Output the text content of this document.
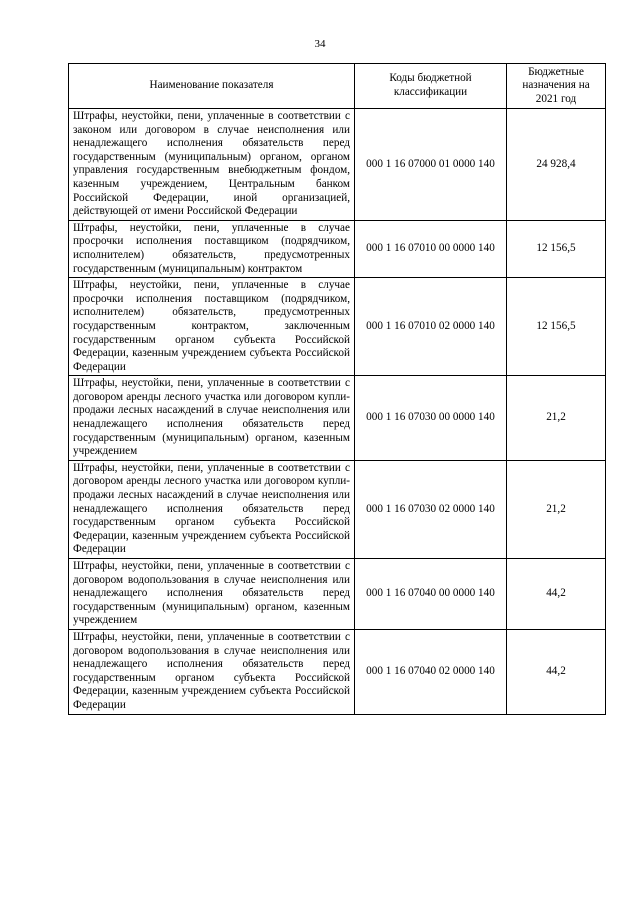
34
Наименование показателя	Коды бюджетной классификации	Бюджетные назначения на 2021 год
Штрафы, неустойки, пени, уплаченные в соответствии с законом или договором в случае неисполнения или ненадлежащего исполнения обязательств перед государственным (муниципальным) органом, органом управления государственным внебюджетным фондом, казенным учреждением, Центральным банком Российской Федерации, иной организацией, действующей от имени Российской Федерации	000 1 16 07000 01 0000 140	24 928,4
Штрафы, неустойки, пени, уплаченные в случае просрочки исполнения поставщиком (подрядчиком, исполнителем) обязательств, предусмотренных государственным (муниципальным) контрактом	000 1 16 07010 00 0000 140	12 156,5
Штрафы, неустойки, пени, уплаченные в случае просрочки исполнения поставщиком (подрядчиком, исполнителем) обязательств, предусмотренных государственным контрактом, заключенным государственным органом субъекта Российской Федерации, казенным учреждением субъекта Российской Федерации	000 1 16 07010 02 0000 140	12 156,5
Штрафы, неустойки, пени, уплаченные в соответствии с договором аренды лесного участка или договором купли-продажи лесных насаждений в случае неисполнения или ненадлежащего исполнения обязательств перед государственным (муниципальным) органом, казенным учреждением	000 1 16 07030 00 0000 140	21,2
Штрафы, неустойки, пени, уплаченные в соответствии с договором аренды лесного участка или договором купли-продажи лесных насаждений в случае неисполнения или ненадлежащего исполнения обязательств перед государственным органом субъекта Российской Федерации, казенным учреждением субъекта Российской Федерации	000 1 16 07030 02 0000 140	21,2
Штрафы, неустойки, пени, уплаченные в соответствии с договором водопользования в случае неисполнения или ненадлежащего исполнения обязательств перед государственным (муниципальным) органом, казенным учреждением	000 1 16 07040 00 0000 140	44,2
Штрафы, неустойки, пени, уплаченные в соответствии с договором водопользования в случае неисполнения или ненадлежащего исполнения обязательств перед государственным органом субъекта Российской Федерации, казенным учреждением субъекта Российской Федерации	000 1 16 07040 02 0000 140	44,2
